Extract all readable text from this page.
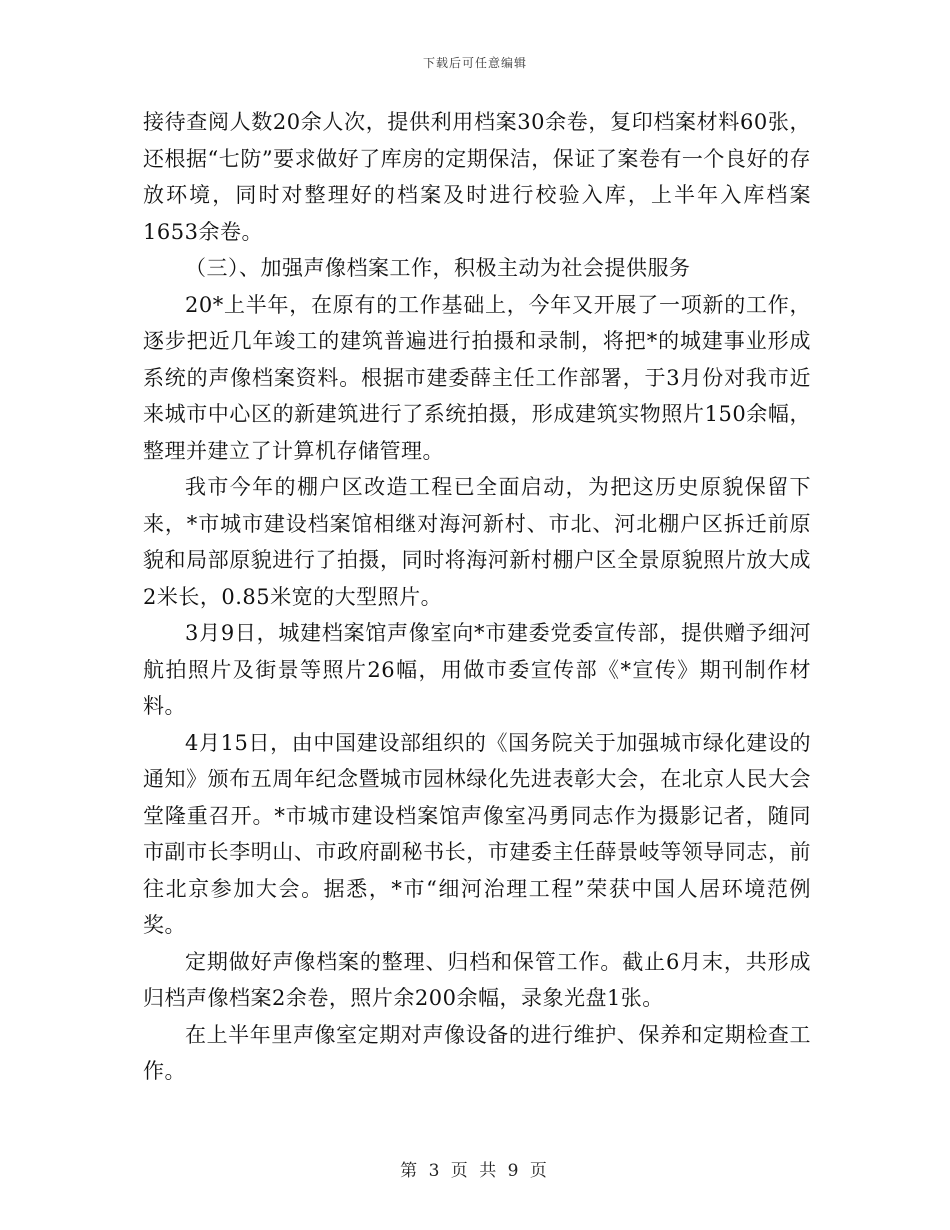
下载后可任意编辑

接待查阅人数20余人次，提供利用档案30余卷，复印档案材料60张，还根据“七防”要求做好了库房的定期保洁，保证了案卷有一个良好的存放环境，同时对整理好的档案及时进行校验入库，上半年入库档案1653余卷。

（三）、加强声像档案工作，积极主动为社会提供服务

20*上半年，在原有的工作基础上，今年又开展了一项新的工作，逐步把近几年竣工的建筑普遍进行拍摄和录制，将把*的城建事业形成系统的声像档案资料。根据市建委薛主任工作部署，于3月份对我市近来城市中心区的新建筑进行了系统拍摄，形成建筑实物照片150余幅，整理并建立了计算机存储管理。

我市今年的棚户区改造工程已全面启动，为把这历史原貌保留下来，*市城市建设档案馆相继对海河新村、市北、河北棚户区拆迁前原貌和局部原貌进行了拍摄，同时将海河新村棚户区全景原貌照片放大成2米长，0.85米宽的大型照片。

3月9日，城建档案馆声像室向*市建委党委宣传部，提供赠予细河航拍照片及街景等照片26幅，用做市委宣传部《*宣传》期刊制作材料。

4月15日，由中国建设部组织的《国务院关于加强城市绿化建设的通知》颁布五周年纪念暨城市园林绿化先进表彰大会，在北京人民大会堂隆重召开。*市城市建设档案馆声像室冯勇同志作为摄影记者，随同市副市长李明山、市政府副秘书长，市建委主任薛景岐等领导同志，前往北京参加大会。据悉，*市“细河治理工程”荣获中国人居环境范例奖。

定期做好声像档案的整理、归档和保管工作。截止6月末，共形成归档声像档案2余卷，照片余200余幅，录象光盘1张。

在上半年里声像室定期对声像设备的进行维护、保养和定期检查工作。

第 3 页 共 9 页
